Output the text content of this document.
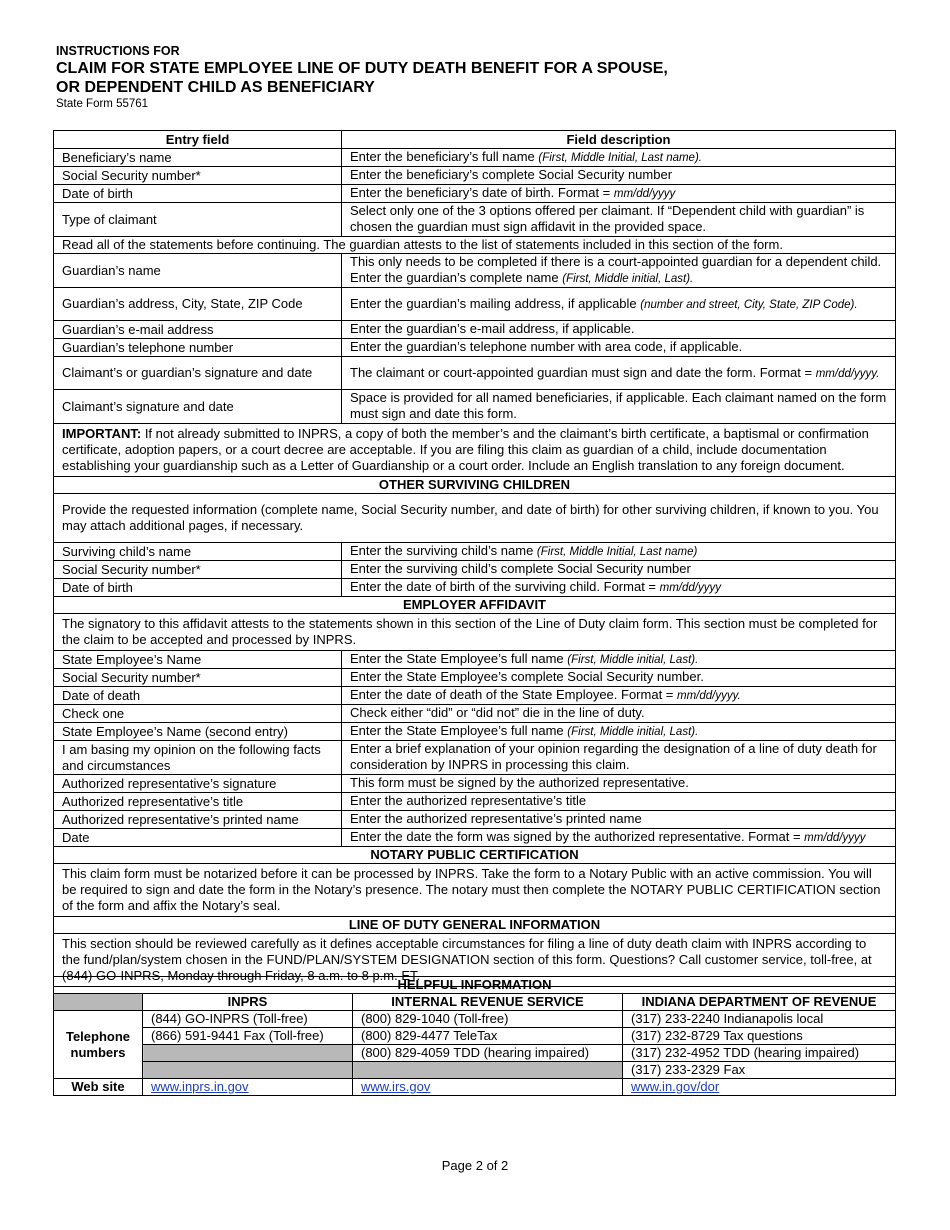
INSTRUCTIONS FOR
CLAIM FOR STATE EMPLOYEE LINE OF DUTY DEATH BENEFIT FOR A SPOUSE,
OR DEPENDENT CHILD AS BENEFICIARY
State Form 55761
Entry field	Field description
Beneficiary’s name	Enter the beneficiary’s full name (First, Middle Initial, Last name).
Social Security number*	Enter the beneficiary’s complete Social Security number
Date of birth	Enter the beneficiary’s date of birth. Format = mm/dd/yyyy
Type of claimant	Select only one of the 3 options offered per claimant. If “Dependent child with guardian” is chosen the guardian must sign affidavit in the provided space.
Read all of the statements before continuing. The guardian attests to the list of statements included in this section of the form.	
Guardian’s name	This only needs to be completed if there is a court-appointed guardian for a dependent child. Enter the guardian’s complete name (First, Middle initial, Last).
Guardian’s address, City, State, ZIP Code	Enter the guardian’s mailing address, if applicable (number and street, City, State, ZIP Code).
Guardian’s e-mail address	Enter the guardian’s e-mail address, if applicable.
Guardian’s telephone number	Enter the guardian’s telephone number with area code, if applicable.
Claimant’s or guardian’s signature and date	The claimant or court-appointed guardian must sign and date the form. Format = mm/dd/yyyy.
Claimant’s signature and date	Space is provided for all named beneficiaries, if applicable. Each claimant named on the form must sign and date this form.
IMPORTANT: If not already submitted to INPRS, a copy of both the member’s and the claimant’s birth certificate, a baptismal or confirmation certificate, adoption papers, or a court decree are acceptable. If you are filing this claim as guardian of a child, include documentation establishing your guardianship such as a Letter of Guardianship or a court order. Include an English translation to any foreign document.	
OTHER SURVIVING CHILDREN	
Provide the requested information (complete name, Social Security number, and date of birth) for other surviving children, if known to you. You may attach additional pages, if necessary.	
Surviving child’s name	Enter the surviving child’s name (First, Middle Initial, Last name)
Social Security number*	Enter the surviving child’s complete Social Security number
Date of birth	Enter the date of birth of the surviving child. Format = mm/dd/yyyy
EMPLOYER AFFIDAVIT	
The signatory to this affidavit attests to the statements shown in this section of the Line of Duty claim form. This section must be completed for the claim to be accepted and processed by INPRS.	
State Employee’s Name	Enter the State Employee’s full name (First, Middle initial, Last).
Social Security number*	Enter the State Employee’s complete Social Security number.
Date of death	Enter the date of death of the State Employee. Format = mm/dd/yyyy.
Check one	Check either “did” or “did not” die in the line of duty.
State Employee’s Name (second entry)	Enter the State Employee’s full name (First, Middle initial, Last).
I am basing my opinion on the following facts and circumstances	Enter a brief explanation of your opinion regarding the designation of a line of duty death for consideration by INPRS in processing this claim.
Authorized representative’s signature	This form must be signed by the authorized representative.
Authorized representative’s title	Enter the authorized representative’s title
Authorized representative’s printed name	Enter the authorized representative’s printed name
Date	Enter the date the form was signed by the authorized representative. Format = mm/dd/yyyy
NOTARY PUBLIC CERTIFICATION	
This claim form must be notarized before it can be processed by INPRS. Take the form to a Notary Public with an active commission. You will be required to sign and date the form in the Notary’s presence. The notary must then complete the NOTARY PUBLIC CERTIFICATION section of the form and affix the Notary’s seal.	
LINE OF DUTY GENERAL INFORMATION	
This section should be reviewed carefully as it defines acceptable circumstances for filing a line of duty death claim with INPRS according to the fund/plan/system chosen in the FUND/PLAN/SYSTEM DESIGNATION section of this form. Questions? Call customer service, toll-free, at (844) GO-INPRS, Monday through Friday, 8 a.m. to 8 p.m. ET.	
HELPFUL INFORMATION			
	INPRS	INTERNAL REVENUE SERVICE	INDIANA DEPARTMENT OF REVENUE
Telephone numbers	(844) GO-INPRS (Toll-free)	(800) 829-1040 (Toll-free)	(317) 233-2240 Indianapolis local
	(866) 591-9441 Fax (Toll-free)	(800) 829-4477 TeleTax	(317) 232-8729 Tax questions
		(800) 829-4059 TDD (hearing impaired)	(317) 232-4952 TDD (hearing impaired)
			(317) 233-2329 Fax
Web site	www.inprs.in.gov	www.irs.gov	www.in.gov/dor
Page 2 of 2
